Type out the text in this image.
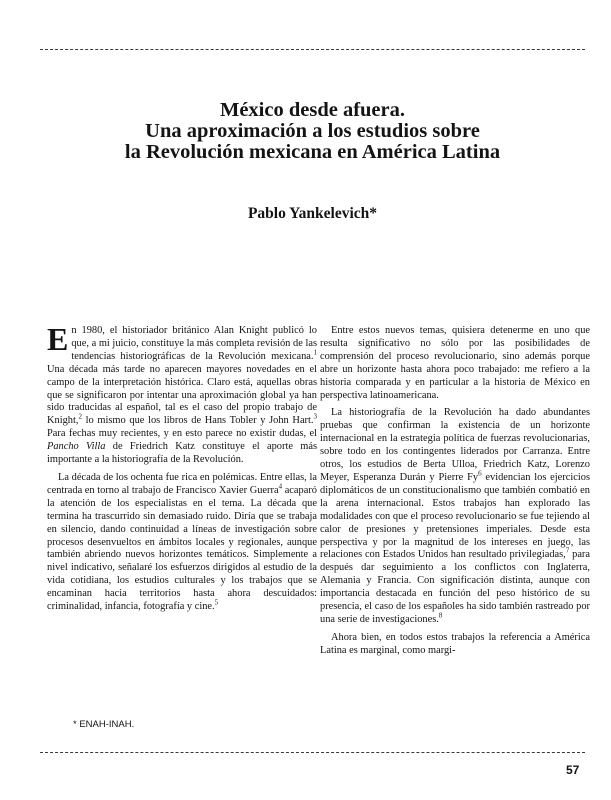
México desde afuera.
Una aproximación a los estudios sobre
la Revolución mexicana en América Latina
Pablo Yankelevich*

En 1980, el historiador británico Alan Knight publicó lo que, a mi juicio, constituye la más completa revisión de las tendencias historiográficas de la Revolución mexicana.$^1$ Una década más tarde no aparecen mayores novedades en el campo de la interpretación histórica. Claro está, aquellas obras que se significaron por intentar una aproximación global ya han sido traducidas al español, tal es el caso del propio trabajo de Knight,$^2$ lo mismo que los libros de Hans Tobler y John Hart.$^3$ Para fechas muy recientes, y en esto parece no existir dudas, el Pancho Villa de Friedrich Katz constituye el aporte más importante a la historiografía de la Revolución.

La década de los ochenta fue rica en polémicas. Entre ellas, la centrada en torno al trabajo de Francisco Xavier Guerra$^4$ acaparó la atención de los especialistas en el tema. La década que termina ha trascurrido sin demasiado ruido. Diría que se trabaja en silencio, dando continuidad a líneas de investigación sobre procesos desenvueltos en ámbitos locales y regionales, aunque también abriendo nuevos horizontes temáticos. Simplemente a nivel indicativo, señalaré los esfuerzos dirigidos al estudio de la vida cotidiana, los estudios culturales y los trabajos que se encaminan hacia territorios hasta ahora descuidados: criminalidad, infancia, fotografía y cine.$^5$

Entre estos nuevos temas, quisiera detenerme en uno que resulta significativo no sólo por las posibilidades de comprensión del proceso revolucionario, sino además porque abre un horizonte hasta ahora poco trabajado: me refiero a la historia comparada y en particular a la historia de México en perspectiva latinoamericana.

La historiografía de la Revolución ha dado abundantes pruebas que confirman la existencia de un horizonte internacional en la estrategia política de fuerzas revolucionarias, sobre todo en los contingentes liderados por Carranza. Entre otros, los estudios de Berta Ulloa, Friedrich Katz, Lorenzo Meyer, Esperanza Durán y Pierre Fy$^6$ evidencian los ejercicios diplomáticos de un constitucionalismo que también combatió en la arena internacional. Estos trabajos han explorado las modalidades con que el proceso revolucionario se fue tejiendo al calor de presiones y pretensiones imperiales. Desde esta perspectiva y por la magnitud de los intereses en juego, las relaciones con Estados Unidos han resultado privilegiadas,$^7$ para después dar seguimiento a los conflictos con Inglaterra, Alemania y Francia. Con significación distinta, aunque con importancia destacada en función del peso histórico de su presencia, el caso de los españoles ha sido también rastreado por una serie de investigaciones.$^8$

Ahora bien, en todos estos trabajos la referencia a América Latina es marginal, como margi-

* ENAH-INAH.
57
